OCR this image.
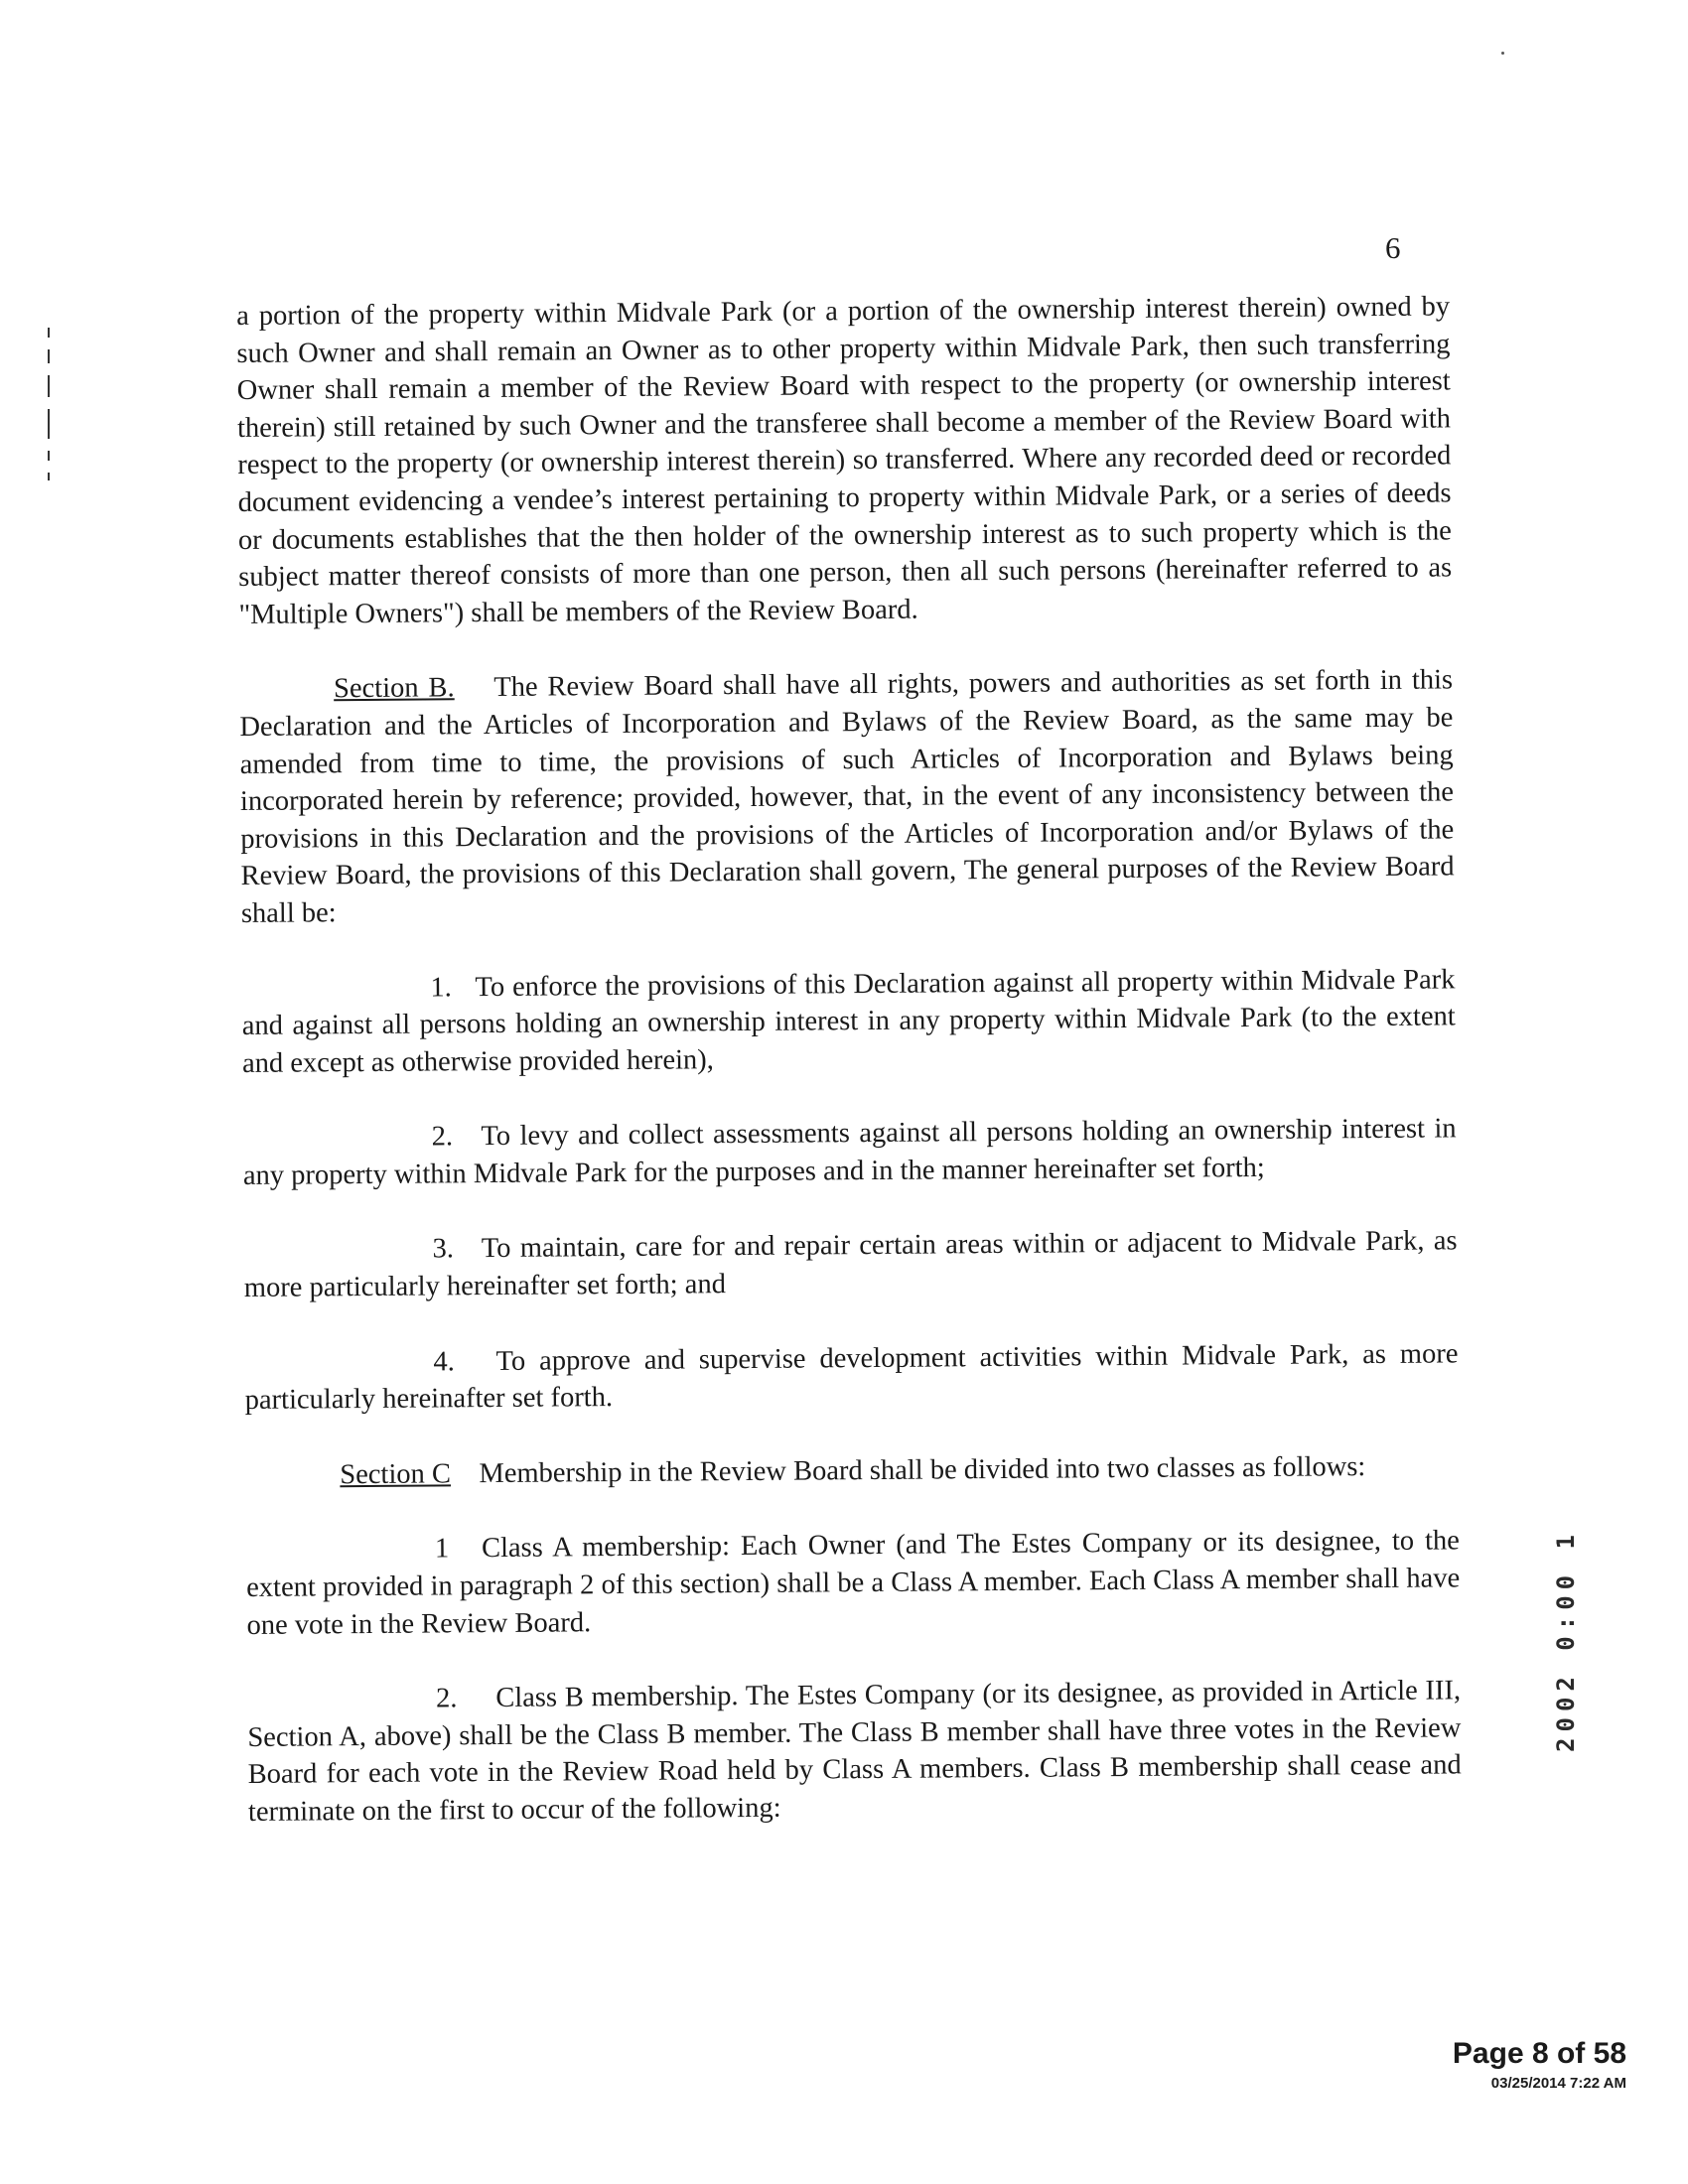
6

a portion of the property within Midvale Park (or a portion of the ownership interest therein) owned by such Owner and shall remain an Owner as to other property within Midvale Park, then such transferring Owner shall remain a member of the Review Board with respect to the property (or ownership interest therein) still retained by such Owner and the transferee shall become a member of the Review Board with respect to the property (or ownership interest therein) so transferred. Where any recorded deed or recorded document evidencing a vendee’s interest pertaining to property within Midvale Park, or a series of deeds or documents establishes that the then holder of the ownership interest as to such property which is the subject matter thereof consists of more than one person, then all such persons (hereinafter referred to as "Multiple Owners") shall be members of the Review Board.

Section B. The Review Board shall have all rights, powers and authorities as set forth in this Declaration and the Articles of Incorporation and Bylaws of the Review Board, as the same may be amended from time to time, the provisions of such Articles of Incorporation and Bylaws being incorporated herein by reference; provided, however, that, in the event of any inconsistency between the provisions in this Declaration and the provisions of the Articles of Incorporation and/or Bylaws of the Review Board, the provisions of this Declaration shall govern, The general purposes of the Review Board shall be:

1. To enforce the provisions of this Declaration against all property within Midvale Park and against all persons holding an ownership interest in any property within Midvale Park (to the extent and except as otherwise provided herein),

2. To levy and collect assessments against all persons holding an ownership interest in any property within Midvale Park for the purposes and in the manner hereinafter set forth;

3. To maintain, care for and repair certain areas within or adjacent to Midvale Park, as more particularly hereinafter set forth; and

4. To approve and supervise development activities within Midvale Park, as more particularly hereinafter set forth.

Section C Membership in the Review Board shall be divided into two classes as follows:

1 Class A membership: Each Owner (and The Estes Company or its designee, to the extent provided in paragraph 2 of this section) shall be a Class A member. Each Class A member shall have one vote in the Review Board.

2. Class B membership. The Estes Company (or its designee, as provided in Article III, Section A, above) shall be the Class B member. The Class B member shall have three votes in the Review Board for each vote in the Review Road held by Class A members. Class B membership shall cease and terminate on the first to occur of the following:

2002 0:00 1
Page 8 of 58
03/25/2014 7:22 AM
